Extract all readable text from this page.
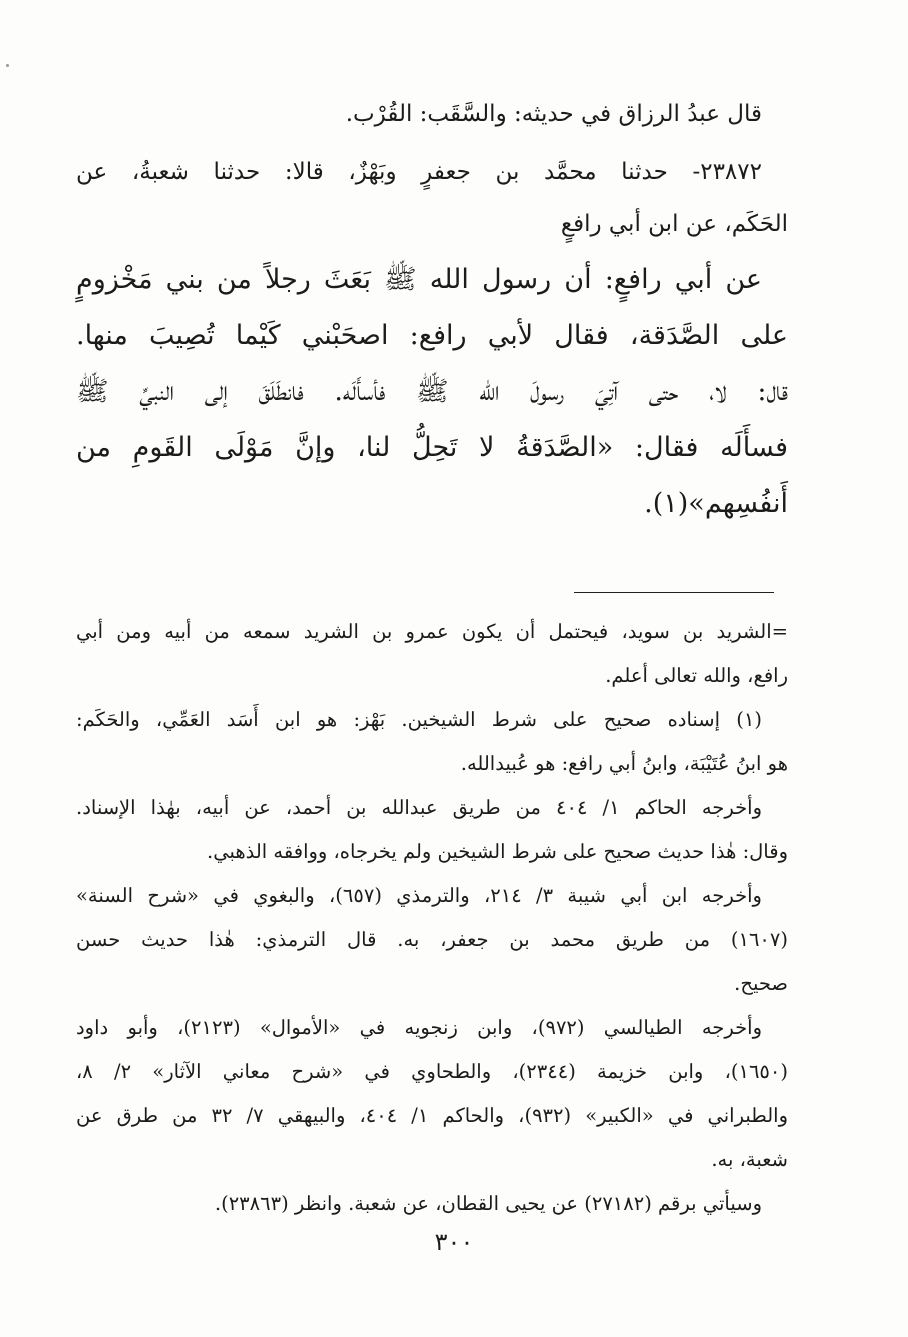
قال عبدُ الرزاق في حديثه: والسَّقَب: القُرْب.
٢٣٨٧٢- حدثنا محمَّد بن جعفرٍ وبَهْزٌ، قالا: حدثنا شعبةُ، عن
الحَكَم، عن ابن أبي رافعٍ
عن أبي رافعٍ: أن رسول الله ﷺ بَعَثَ رجلاً من بني مَخْزومٍ
على الصَّدَقة، فقال لأبي رافع: اصحَبْني كَيْما تُصِيبَ منها.
قال: لا، حتى آتِيَ رسولَ الله ﷺ فأسأَلَه. فانطَلَقَ إلى النبيِّ ﷺ
فسأَلَه فقال: «الصَّدَقةُ لا تَحِلُّ لنا، وإنَّ مَوْلَى القَومِ من
أَنفُسِهم»(١).
=الشريد بن سويد، فيحتمل أن يكون عمرو بن الشريد سمعه من أبيه ومن أبي
رافع، والله تعالى أعلم.
(١) إسناده صحيح على شرط الشيخين. بَهْز: هو ابن أَسَد العَمِّي، والحَكَم:
هو ابنُ عُتَيْبَة، وابنُ أبي رافع: هو عُبيدالله.
وأخرجه الحاكم ١/ ٤٠٤ من طريق عبدالله بن أحمد، عن أبيه، بهٰذا الإسناد.
وقال: هٰذا حديث صحيح على شرط الشيخين ولم يخرجاه، ووافقه الذهبي.
وأخرجه ابن أبي شيبة ٣/ ٢١٤، والترمذي (٦٥٧)، والبغوي في «شرح السنة»
(١٦٠٧) من طريق محمد بن جعفر، به. قال الترمذي: هٰذا حديث حسن
صحيح.
وأخرجه الطيالسي (٩٧٢)، وابن زنجويه في «الأموال» (٢١٢٣)، وأبو داود
(١٦٥٠)، وابن خزيمة (٢٣٤٤)، والطحاوي في «شرح معاني الآثار» ٢/ ٨،
والطبراني في «الكبير» (٩٣٢)، والحاكم ١/ ٤٠٤، والبيهقي ٧/ ٣٢ من طرق عن
شعبة، به.
وسيأتي برقم (٢٧١٨٢) عن يحيى القطان، عن شعبة. وانظر (٢٣٨٦٣).
٣٠٠
